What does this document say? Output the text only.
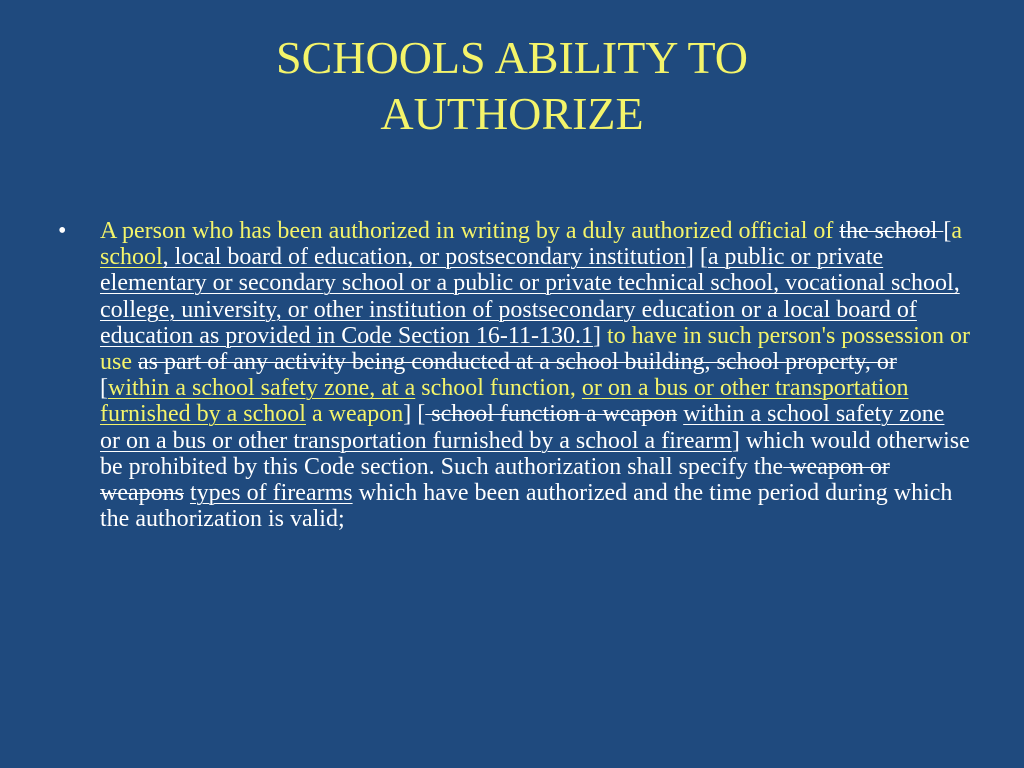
SCHOOLS ABILITY TO
AUTHORIZE
• A person who has been authorized in writing by a duly authorized official of the school [a school, local board of education, or postsecondary institution] [a public or private elementary or secondary school or a public or private technical school, vocational school, college, university, or other institution of postsecondary education or a local board of education as provided in Code Section 16-11-130.1] to have in such person's possession or use as part of any activity being conducted at a school building, school property, or [within a school safety zone, at a school function, or on a bus or other transportation furnished by a school a weapon] [ school function a weapon within a school safety zone or on a bus or other transportation furnished by a school a firearm] which would otherwise be prohibited by this Code section. Such authorization shall specify the weapon or weapons types of firearms which have been authorized and the time period during which the authorization is valid;
